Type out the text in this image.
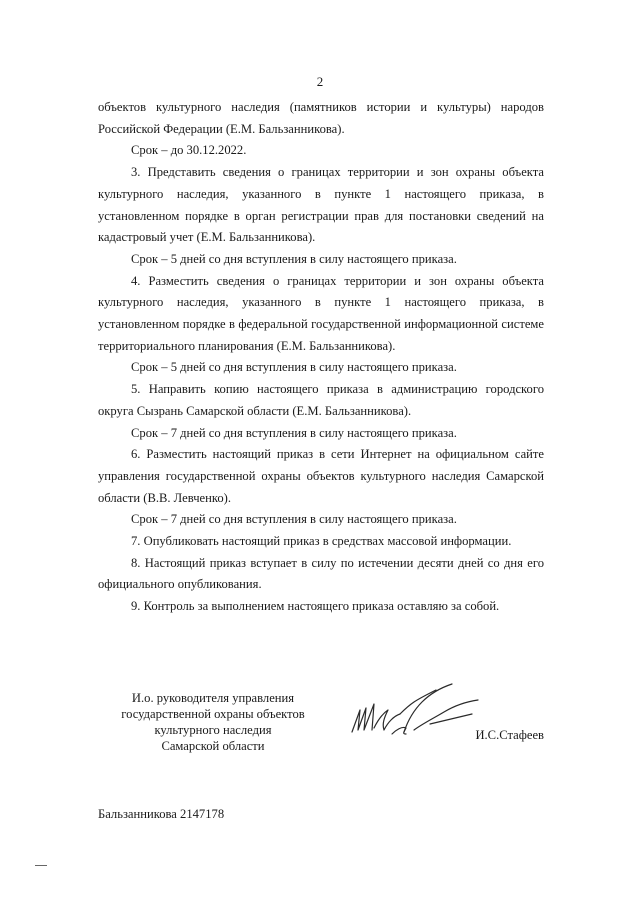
2

объектов культурного наследия (памятников истории и культуры) народов Российской Федерации (Е.М. Бальзанникова).

Срок – до 30.12.2022.

3. Представить сведения о границах территории и зон охраны объекта культурного наследия, указанного в пункте 1 настоящего приказа, в установленном порядке в орган регистрации прав для постановки сведений на кадастровый учет (Е.М. Бальзанникова).

Срок – 5 дней со дня вступления в силу настоящего приказа.

4. Разместить сведения о границах территории и зон охраны объекта культурного наследия, указанного в пункте 1 настоящего приказа, в установленном порядке в федеральной государственной информационной системе территориального планирования (Е.М. Бальзанникова).

Срок – 5 дней со дня вступления в силу настоящего приказа.

5. Направить копию настоящего приказа в администрацию городского округа Сызрань Самарской области (Е.М. Бальзанникова).

Срок – 7 дней со дня вступления в силу настоящего приказа.

6. Разместить настоящий приказ в сети Интернет на официальном сайте управления государственной охраны объектов культурного наследия Самарской области (В.В. Левченко).

Срок – 7 дней со дня вступления в силу настоящего приказа.

7. Опубликовать настоящий приказ в средствах массовой информации.

8. Настоящий приказ вступает в силу по истечении десяти дней со дня его официального опубликования.

9. Контроль за выполнением настоящего приказа оставляю за собой.

И.о. руководителя управления
государственной охраны объектов
культурного наследия
Самарской области
И.С.Стафеев
Бальзанникова 2147178
